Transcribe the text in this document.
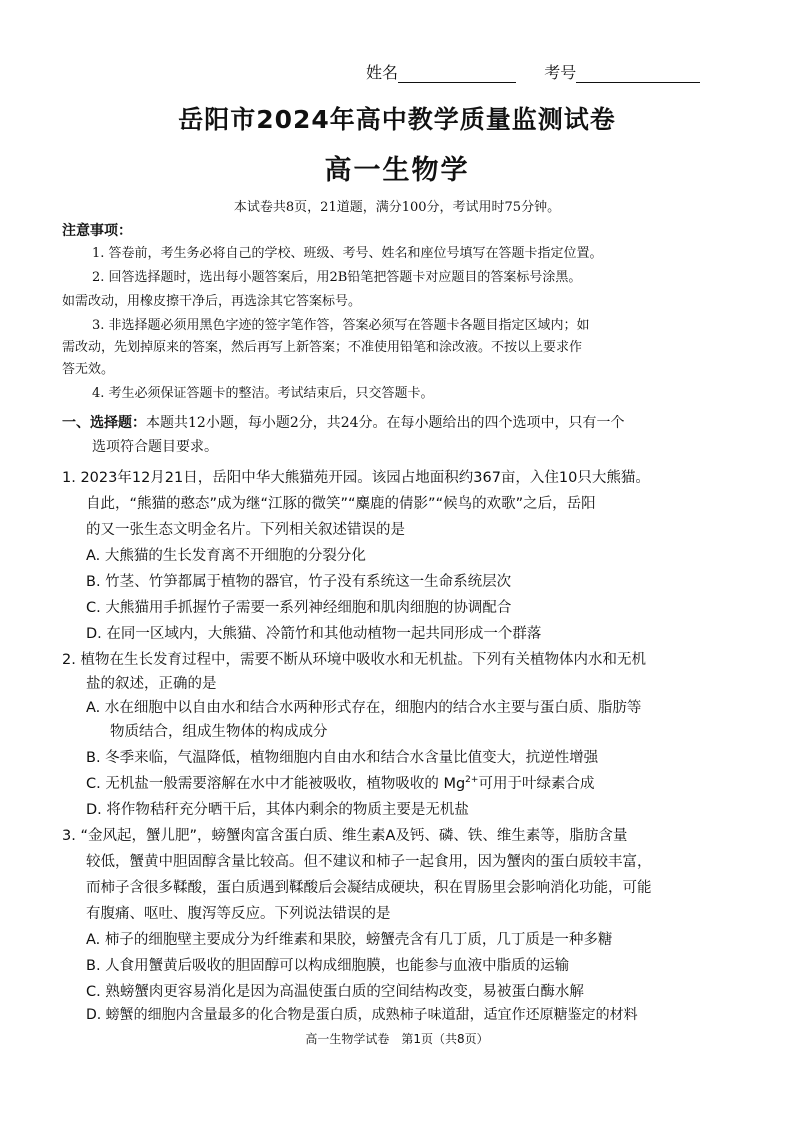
姓名	考号
岳阳市2024年高中教学质量监测试卷
高一生物学
本试卷共8页，21道题，满分100分，考试用时75分钟。
注意事项：
1. 答卷前，考生务必将自己的学校、班级、考号、姓名和座位号填写在答题卡指定位置。
2. 回答选择题时，选出每小题答案后，用2B铅笔把答题卡对应题目的答案标号涂黑。
如需改动，用橡皮擦干净后，再选涂其它答案标号。
3. 非选择题必须用黑色字迹的签字笔作答，答案必须写在答题卡各题目指定区域内；如
需改动，先划掉原来的答案，然后再写上新答案；不准使用铅笔和涂改液。不按以上要求作
答无效。
4. 考生必须保证答题卡的整洁。考试结束后，只交答题卡。
一、选择题：本题共12小题，每小题2分，共24分。在每小题给出的四个选项中，只有一个
选项符合题目要求。
1. 2023年12月21日，岳阳中华大熊猫苑开园。该园占地面积约367亩，入住10只大熊猫。
自此，“熊猫的憨态”成为继“江豚的微笑”“麋鹿的倩影”“候鸟的欢歌”之后，岳阳
的又一张生态文明金名片。下列相关叙述错误的是
A. 大熊猫的生长发育离不开细胞的分裂分化
B. 竹茎、竹笋都属于植物的器官，竹子没有系统这一生命系统层次
C. 大熊猫用手抓握竹子需要一系列神经细胞和肌肉细胞的协调配合
D. 在同一区域内，大熊猫、冷箭竹和其他动植物一起共同形成一个群落
2. 植物在生长发育过程中，需要不断从环境中吸收水和无机盐。下列有关植物体内水和无机
盐的叙述，正确的是
A. 水在细胞中以自由水和结合水两种形式存在，细胞内的结合水主要与蛋白质、脂肪等
物质结合，组成生物体的构成成分
B. 冬季来临，气温降低，植物细胞内自由水和结合水含量比值变大，抗逆性增强
C. 无机盐一般需要溶解在水中才能被吸收，植物吸收的 $Mg^{2+}$可用于叶绿素合成
D. 将作物秸秆充分晒干后，其体内剩余的物质主要是无机盐
3. “金风起，蟹儿肥”，螃蟹肉富含蛋白质、维生素A及钙、磷、铁、维生素等，脂肪含量
较低，蟹黄中胆固醇含量比较高。但不建议和柿子一起食用，因为蟹肉的蛋白质较丰富，
而柿子含很多鞣酸，蛋白质遇到鞣酸后会凝结成硬块，积在胃肠里会影响消化功能，可能
有腹痛、呕吐、腹泻等反应。下列说法错误的是
A. 柿子的细胞壁主要成分为纤维素和果胶，螃蟹壳含有几丁质，几丁质是一种多糖
B. 人食用蟹黄后吸收的胆固醇可以构成细胞膜，也能参与血液中脂质的运输
C. 熟螃蟹肉更容易消化是因为高温使蛋白质的空间结构改变，易被蛋白酶水解
D. 螃蟹的细胞内含量最多的化合物是蛋白质，成熟柿子味道甜，适宜作还原糖鉴定的材料
高一生物学试卷　第1页（共8页）
